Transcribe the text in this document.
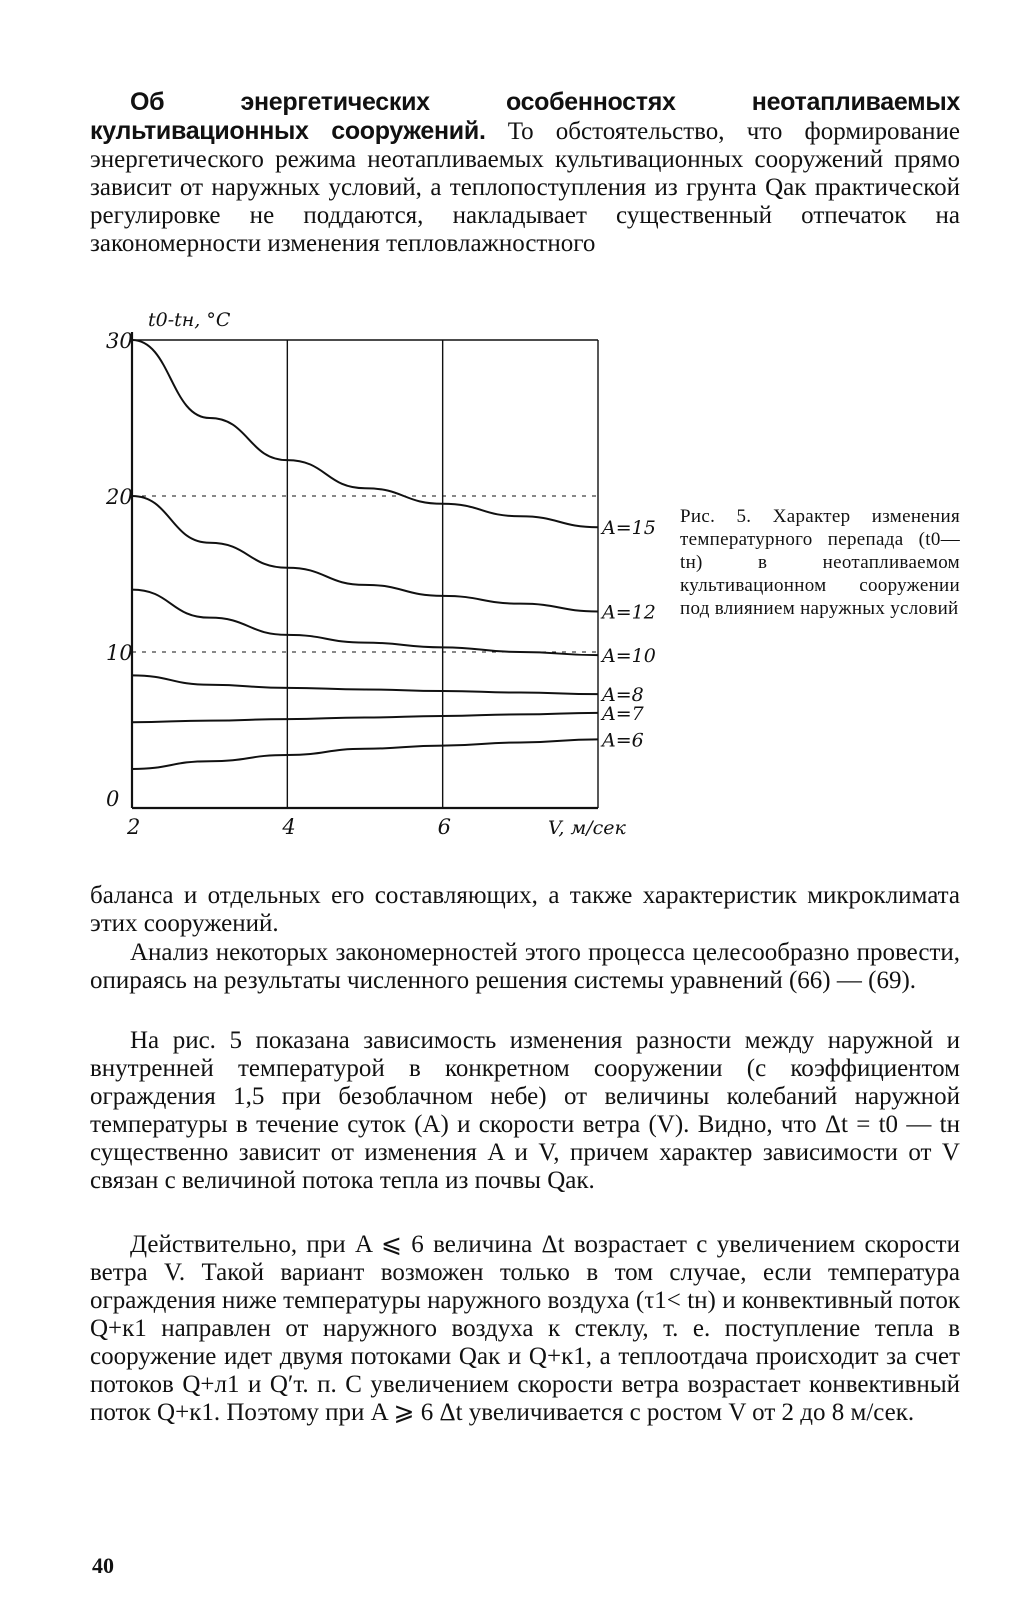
Об энергетических особенностях неотапливаемых культивационных сооружений. То обстоятельство, что формирование энергетического режима неотапливаемых культивационных сооружений прямо зависит от наружных условий, а теплопоступления из грунта Qак практической регулировке не поддаются, накладывает существенный отпечаток на закономерности изменения тепловлажностного

A=15
A=12
A=10
A=8
A=7
A=6
0
10
20
30
2	4	6
t0-tн, °C
V, м/сек

Рис. 5. Характер изменения температурного перепада (t0—tн) в неотапливаемом культивационном сооружении под влиянием наружных условий

баланса и отдельных его составляющих, а также характеристик микроклимата этих сооружений.

Анализ некоторых закономерностей этого процесса целесообразно провести, опираясь на результаты численного решения системы уравнений (66) — (69).

На рис. 5 показана зависимость изменения разности между наружной и внутренней температурой в конкретном сооружении (с коэффициентом ограждения 1,5 при безоблачном небе) от величины колебаний наружной температуры в течение суток (A) и скорости ветра (V). Видно, что Δt = t0 — tн существенно зависит от изменения A и V, причем характер зависимости от V связан с величиной потока тепла из почвы Qак.

Действительно, при A ⩽ 6 величина Δt возрастает с увеличением скорости ветра V. Такой вариант возможен только в том случае, если температура ограждения ниже температуры наружного воздуха (τ1< tн) и конвективный поток Q+к1 направлен от наружного воздуха к стеклу, т. е. поступление тепла в сооружение идет двумя потоками Qак и Q+к1, а теплоотдача происходит за счет потоков Q+л1 и Q′т. п. С увеличением скорости ветра возрастает конвективный поток Q+к1. Поэтому при A ⩾ 6 Δt увеличивается с ростом V от 2 до 8 м/сек.

40
